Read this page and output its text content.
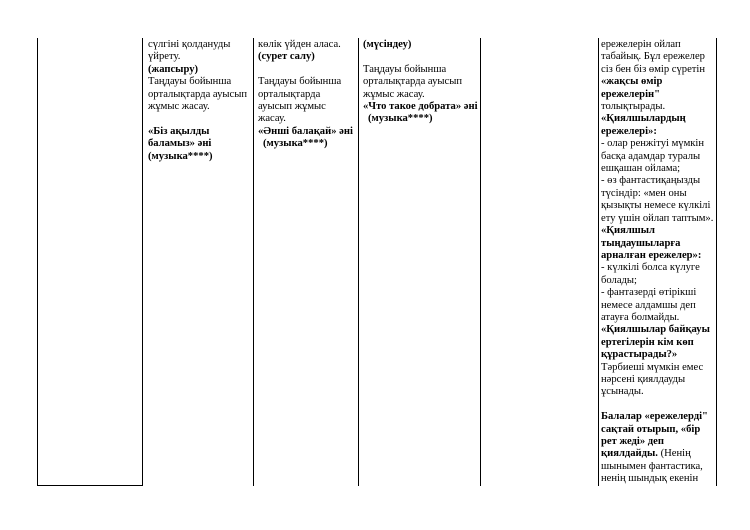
сүлгіні қолдануды

үйрету.

(жапсыру)

Таңдауы бойынша

орталықтарда ауысып

жұмыс жасау.

«Біз ақылды

баламыз» әні

(музыка****)

көлік үйден аласа.

(сурет салу)

Таңдауы бойынша

орталықтарда

ауысып жұмыс

жасау.

«Әнші балақай» әні

(музыка****)

(мүсіндеу)

Таңдауы бойынша

орталықтарда ауысып

жұмыс жасау.

«Что такое добрата» әні

(музыка****)

ережелерін ойлап

табайық. Бұл ережелер

сіз бен біз өмір сүретін

«жақсы өмір

ережелерін"

толықтырады.

«Қиялшылардың

ережелері»:

- олар ренжітуі мүмкін

басқа адамдар туралы

ешқашан ойлама;

- өз фантастиқаңызды

түсіндір: «мен оны

қызықты немесе күлкілі

ету үшін ойлап таптым».

«Қиялшыл

тыңдаушыларға

арналған ережелер»:

- күлкілі болса күлуге

болады;

- фантазерді өтірікші

немесе алдамшы деп

атауға болмайды.

«Қиялшылар байқауы

ертегілерін кім көп

құрастырады?»

Тәрбиеші мүмкін емес

нәрсені қиялдауды

ұсынады.

Балалар «ережелерді"

сақтай отырып, «бір

рет жеді» деп

қиялдайды. (Ненің

шынымен фантастика,

ненің шындық екенін
